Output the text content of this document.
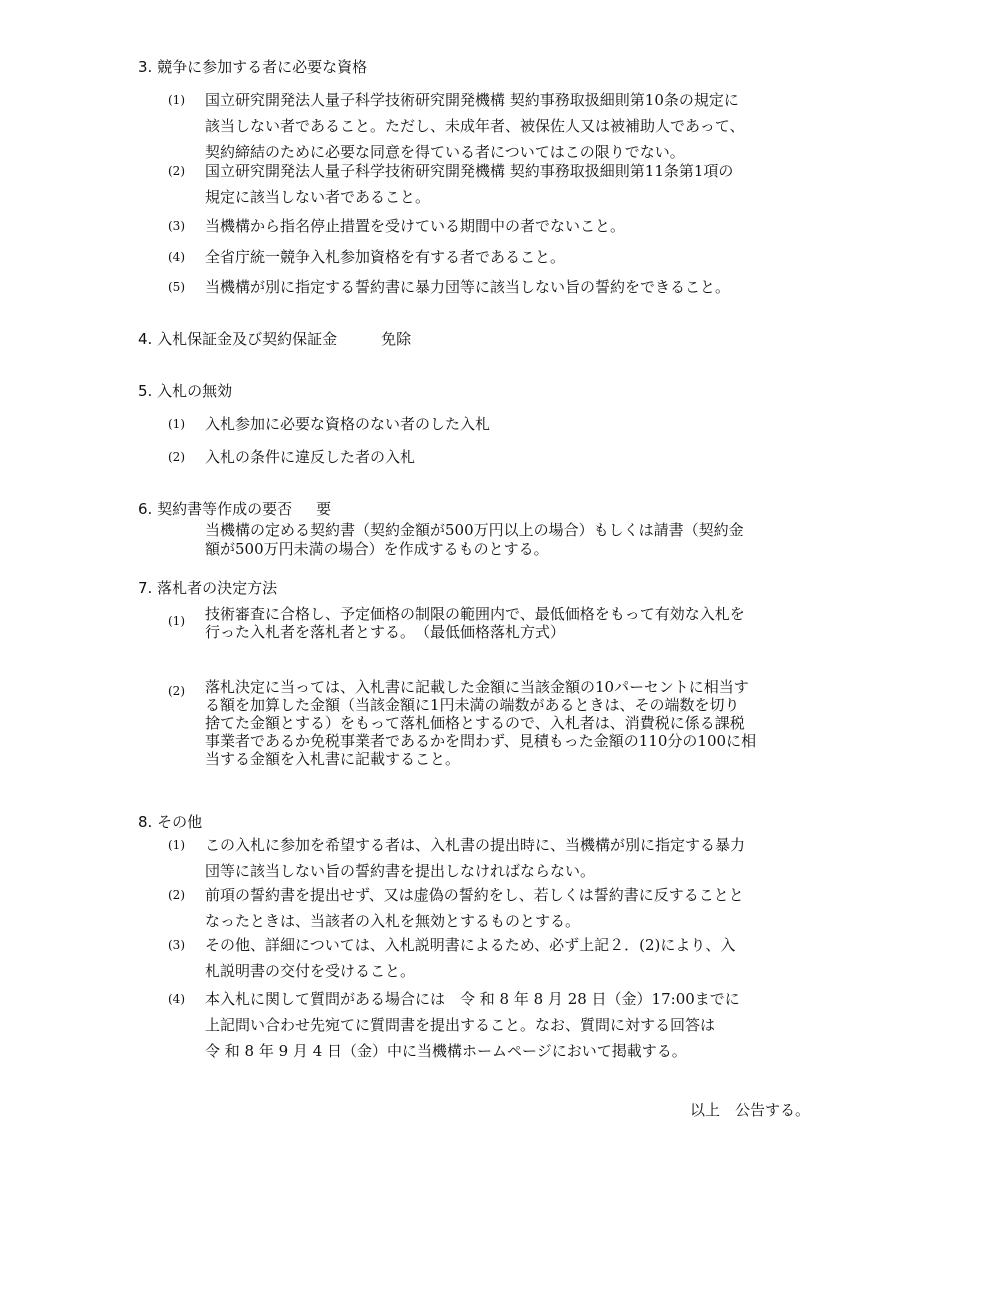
3. 競争に参加する者に必要な資格
(1) 国立研究開発法人量子科学技術研究開発機構 契約事務取扱細則第10条の規定に
該当しない者であること。ただし、未成年者、被保佐人又は被補助人であって、
契約締結のために必要な同意を得ている者についてはこの限りでない。
(2) 国立研究開発法人量子科学技術研究開発機構 契約事務取扱細則第11条第1項の
規定に該当しない者であること。
(3) 当機構から指名停止措置を受けている期間中の者でないこと。
(4) 全省庁統一競争入札参加資格を有する者であること。
(5) 当機構が別に指定する誓約書に暴力団等に該当しない旨の誓約をできること。
4. 入札保証金及び契約保証金	免除
5. 入札の無効
(1) 入札参加に必要な資格のない者のした入札
(2) 入札の条件に違反した者の入札
6. 契約書等作成の要否 要
当機構の定める契約書（契約金額が500万円以上の場合）もしくは請書（契約金
額が500万円未満の場合）を作成するものとする。
7. 落札者の決定方法
(1) 技術審査に合格し、予定価格の制限の範囲内で、最低価格をもって有効な入札を
行った入札者を落札者とする。　（最低価格落札方式）
(2) 落札決定に当っては、入札書に記載した金額に当該金額の10パーセントに相当す
る額を加算した金額（当該金額に1円未満の端数があるときは、その端数を切り
捨てた金額とする）をもって落札価格とするので、入札者は、消費税に係る課税
事業者であるか免税事業者であるかを問わず、見積もった金額の110分の100に相
当する金額を入札書に記載すること。
8. その他
(1) この入札に参加を希望する者は、入札書の提出時に、当機構が別に指定する暴力
団等に該当しない旨の誓約書を提出しなければならない。
(2) 前項の誓約書を提出せず、又は虚偽の誓約をし、若しくは誓約書に反することと
なったときは、当該者の入札を無効とするものとする。
(3) その他、詳細については、入札説明書によるため、必ず上記２．(2)により、入
札説明書の交付を受けること。
(4) 本入札に関して質問がある場合には　令 和 8 年 8 月 28 日（金）17:00までに
上記問い合わせ先宛てに質問書を提出すること。なお、質問に対する回答は
令 和 8 年 9 月 4 日（金）中に当機構ホームページにおいて掲載する。
以上　公告する。
